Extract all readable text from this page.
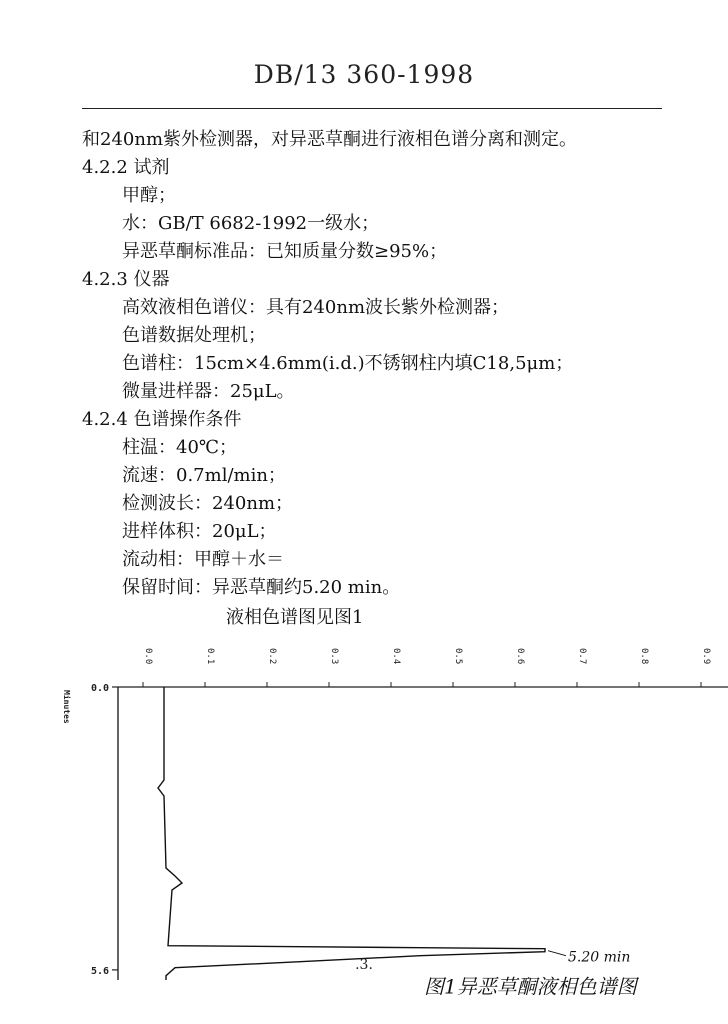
DB/13 360-1998
和240nm紫外检测器，对异恶草酮进行液相色谱分离和测定。
4.2.2 试剂
甲醇；
水：GB/T 6682-1992一级水；
异恶草酮标准品：已知质量分数≥95%；
4.2.3 仪器
高效液相色谱仪：具有240nm波长紫外检测器；
色谱数据处理机；
色谱柱：15cm×4.6mm(i.d.)不锈钢柱内填C18,5μm；
微量进样器：25μL。
4.2.4 色谱操作条件
柱温：40℃；
流速：0.7ml/min；
检测波长：240nm；
进样体积：20μL；
流动相：甲醇＋水＝
保留时间：异恶草酮约5.20 min。
液相色谱图见图1
0.0
5.6
Minutes
0.0	0.1	0.2	0.3	0.4	0.5	0.6	0.7	0.8	0.9
5.20 min
图1异恶草酮液相色谱图
.3.
